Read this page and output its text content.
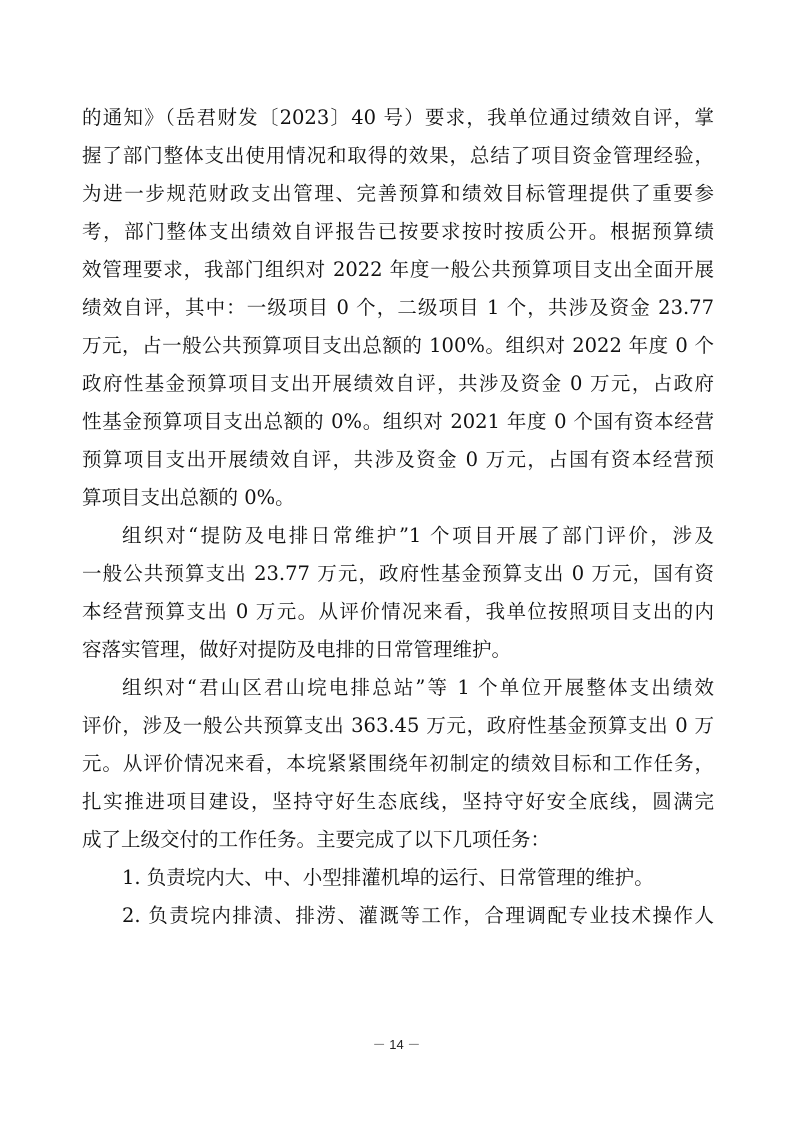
的通知》（岳君财发〔2023〕40 号）要求，我单位通过绩效自评，掌
握了部门整体支出使用情况和取得的效果，总结了项目资金管理经验，
为进一步规范财政支出管理、完善预算和绩效目标管理提供了重要参
考，部门整体支出绩效自评报告已按要求按时按质公开。根据预算绩
效管理要求，我部门组织对 2022 年度一般公共预算项目支出全面开展
绩效自评，其中：一级项目 0 个，二级项目 1 个，共涉及资金 23.77
万元，占一般公共预算项目支出总额的 100%。组织对 2022 年度 0 个
政府性基金预算项目支出开展绩效自评，共涉及资金 0 万元，占政府
性基金预算项目支出总额的 0%。组织对 2021 年度 0 个国有资本经营
预算项目支出开展绩效自评，共涉及资金 0 万元，占国有资本经营预
算项目支出总额的 0%。
组织对“提防及电排日常维护”1 个项目开展了部门评价，涉及
一般公共预算支出 23.77 万元，政府性基金预算支出 0 万元，国有资
本经营预算支出 0 万元。从评价情况来看，我单位按照项目支出的内
容落实管理，做好对提防及电排的日常管理维护。
组织对“君山区君山垸电排总站”等 1 个单位开展整体支出绩效
评价，涉及一般公共预算支出 363.45 万元，政府性基金预算支出 0 万
元。从评价情况来看，本垸紧紧围绕年初制定的绩效目标和工作任务，
扎实推进项目建设，坚持守好生态底线，坚持守好安全底线，圆满完
成了上级交付的工作任务。主要完成了以下几项任务：
1. 负责垸内大、中、小型排灌机埠的运行、日常管理的维护。
2. 负责垸内排渍、排涝、灌溉等工作，合理调配专业技术操作人
－ 14 －
